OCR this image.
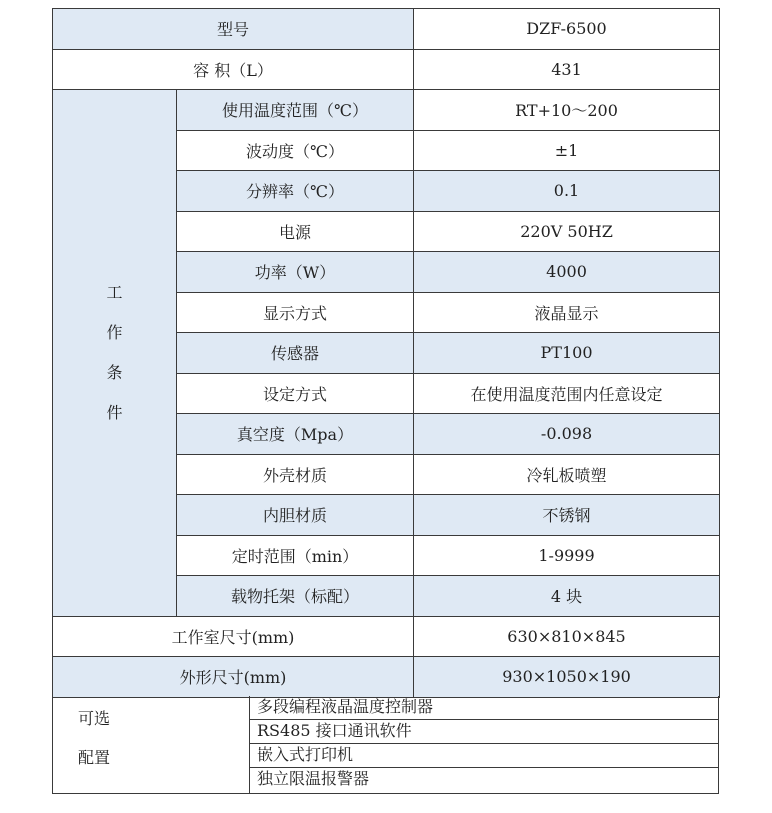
型号		DZF-6500
容 积（L）		431

工
作
条
件	使用温度范围（℃）	RT+10～200
	波动度（℃）	±1
	分辨率（℃）	0.1
	电源	220V 50HZ
	功率（W）	4000
	显示方式	液晶显示
	传感器	PT100
	设定方式	在使用温度范围内任意设定
	真空度（Mpa）	-0.098
	外壳材质	冷轧板喷塑
	内胆材质	不锈钢
	定时范围（min）	1-9999
	载物托架（标配）	4 块
工作室尺寸(mm)		630×810×845
外形尺寸(mm)		930×1050×190
可选
配置
多段编程液晶温度控制器
RS485 接口通讯软件
嵌入式打印机
独立限温报警器
